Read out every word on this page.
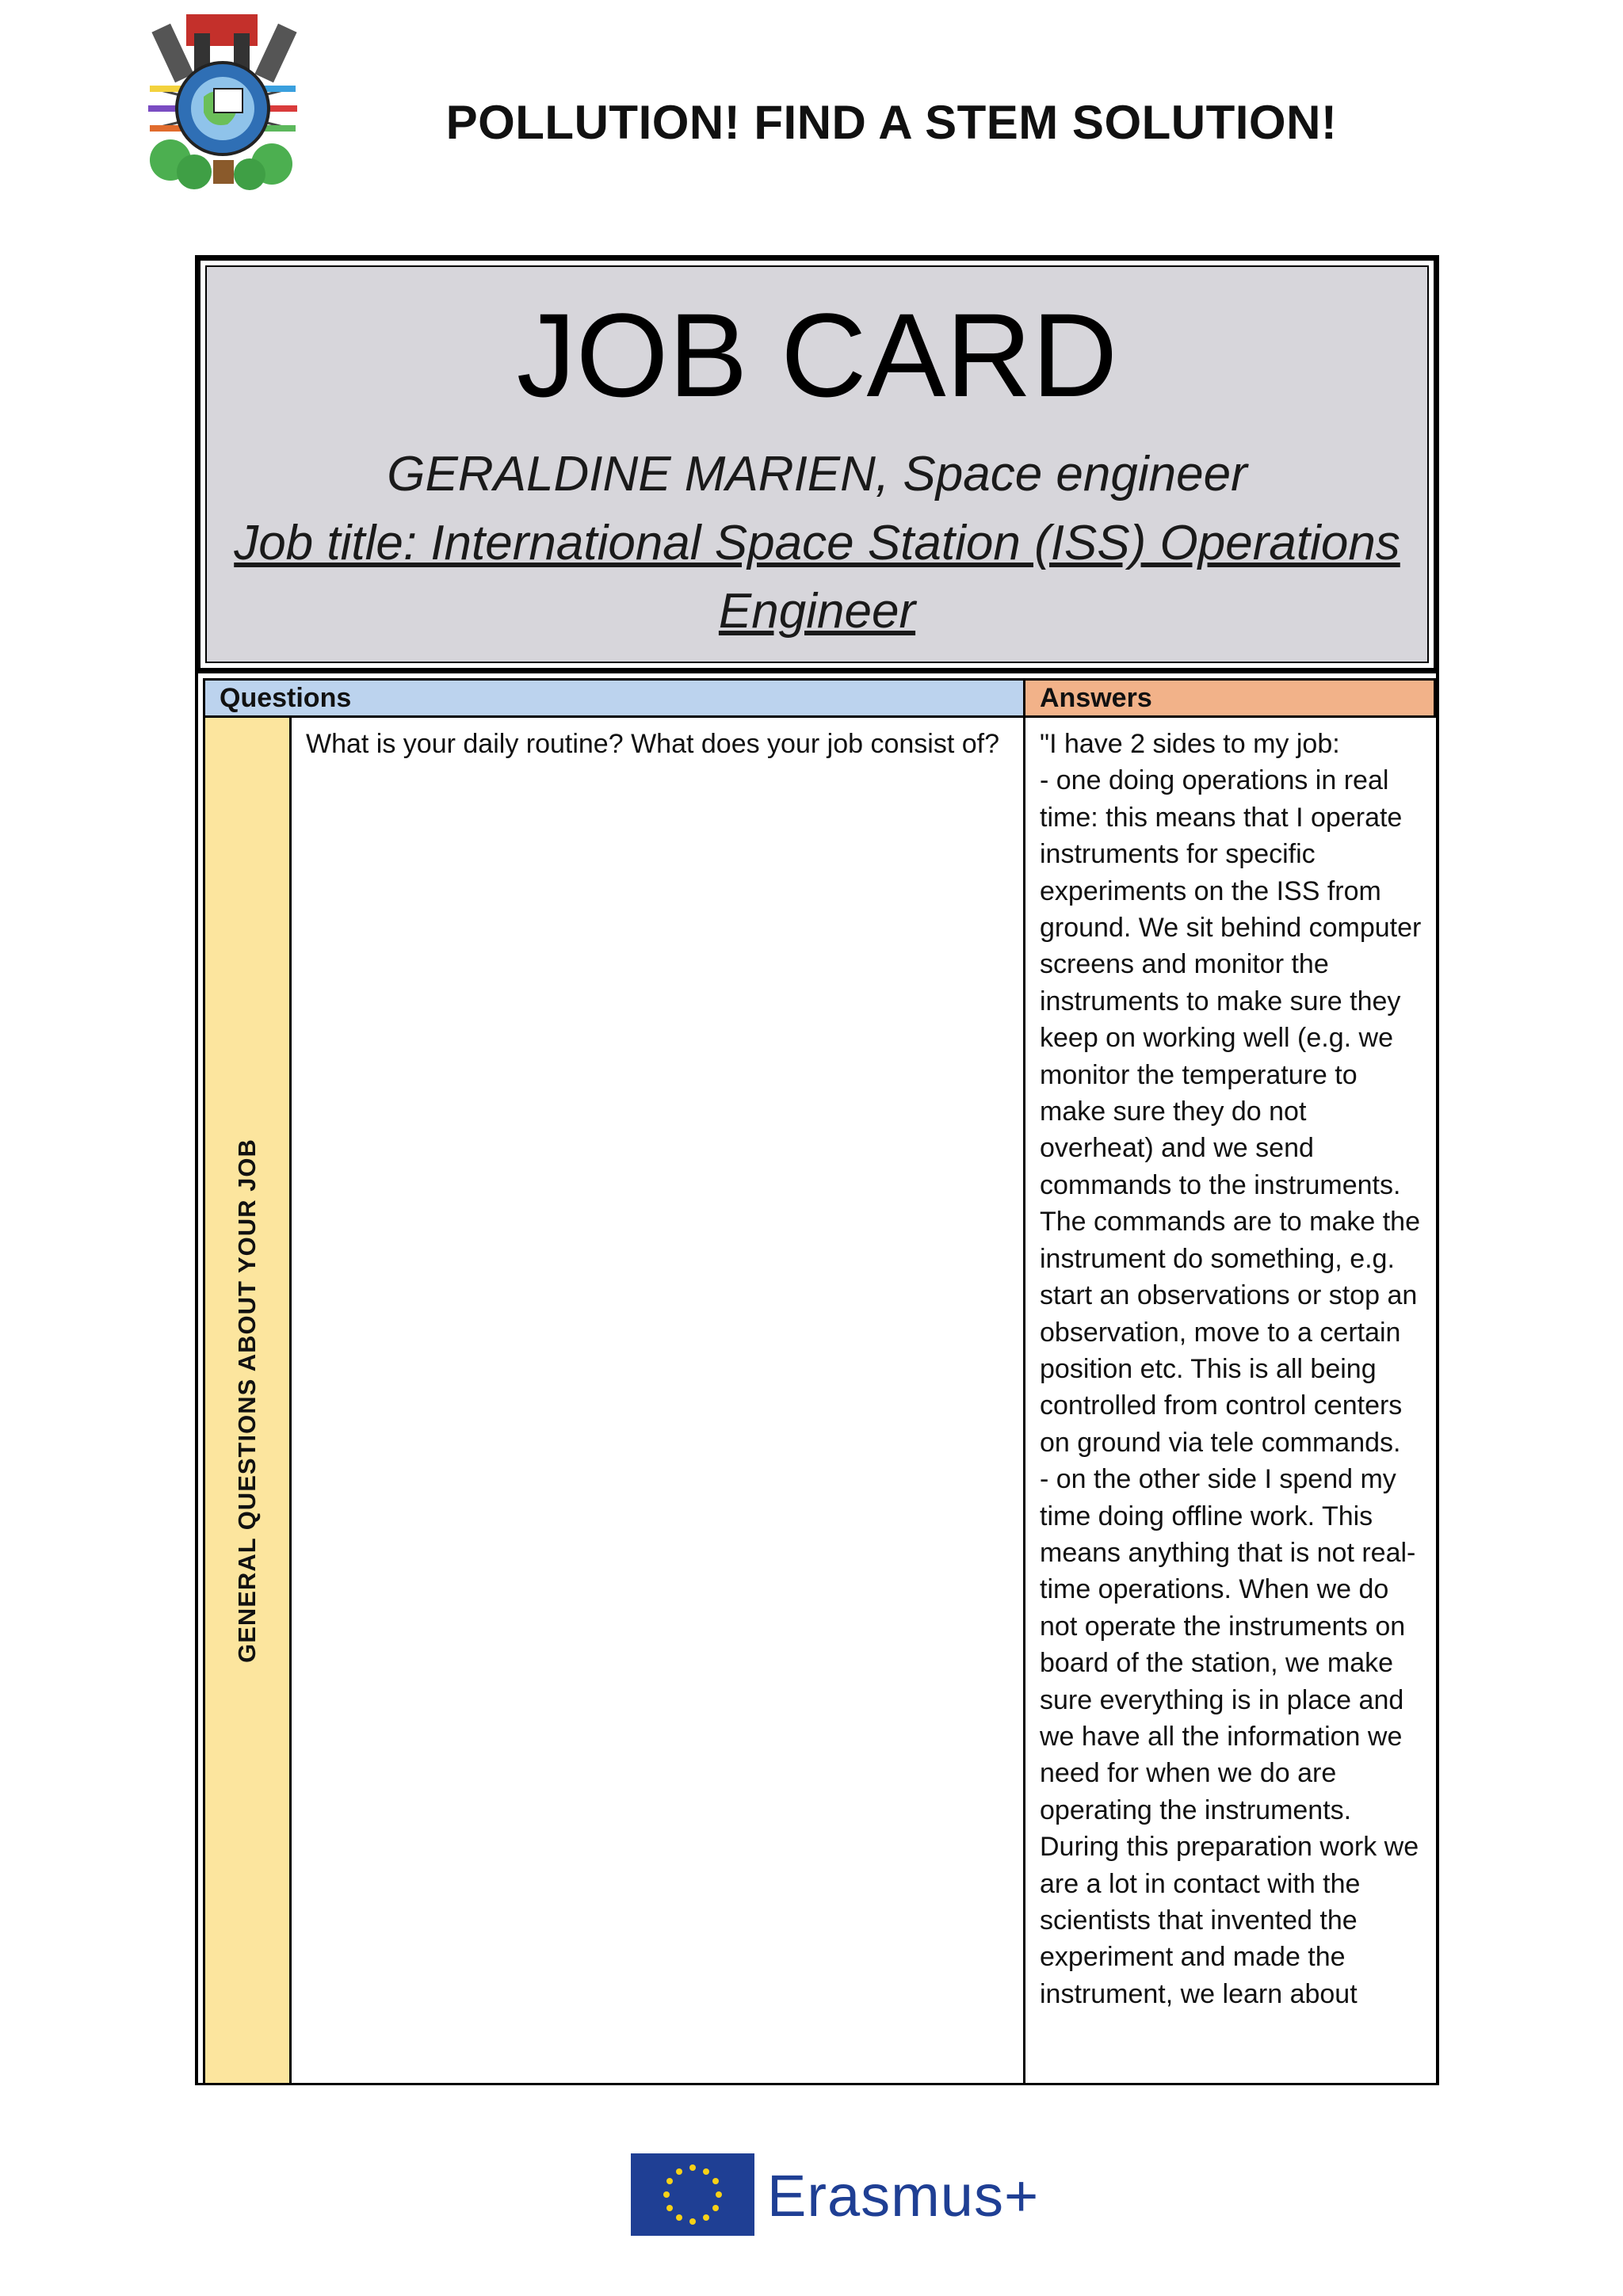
POLLUTION! FIND A STEM SOLUTION!
JOB CARD
GERALDINE MARIEN, Space engineer
Job title: International Space Station (ISS) Operations Engineer
Questions	Answers
GENERAL QUESTIONS ABOUT YOUR JOB
What is your daily routine? What does your job consist of?	"I have 2 sides to my job:
- one doing operations in real time: this means that I operate instruments for specific experiments on the ISS from ground. We sit behind computer screens and monitor the instruments to make sure they keep on working well (e.g. we monitor the temperature to make sure they do not overheat) and we send commands to the instruments. The commands are to make the instrument do something, e.g. start an observations or stop an observation, move to a certain position etc. This is all being controlled from control centers on ground via tele commands.
- on the other side I spend my time doing offline work. This means anything that is not real-time operations. When we do not operate the instruments on board of the station, we make sure everything is in place and we have all the information we need for when we do are operating the instruments. During this preparation work we are a lot in contact with the scientists that invented the experiment and made the instrument, we learn about
Erasmus+
